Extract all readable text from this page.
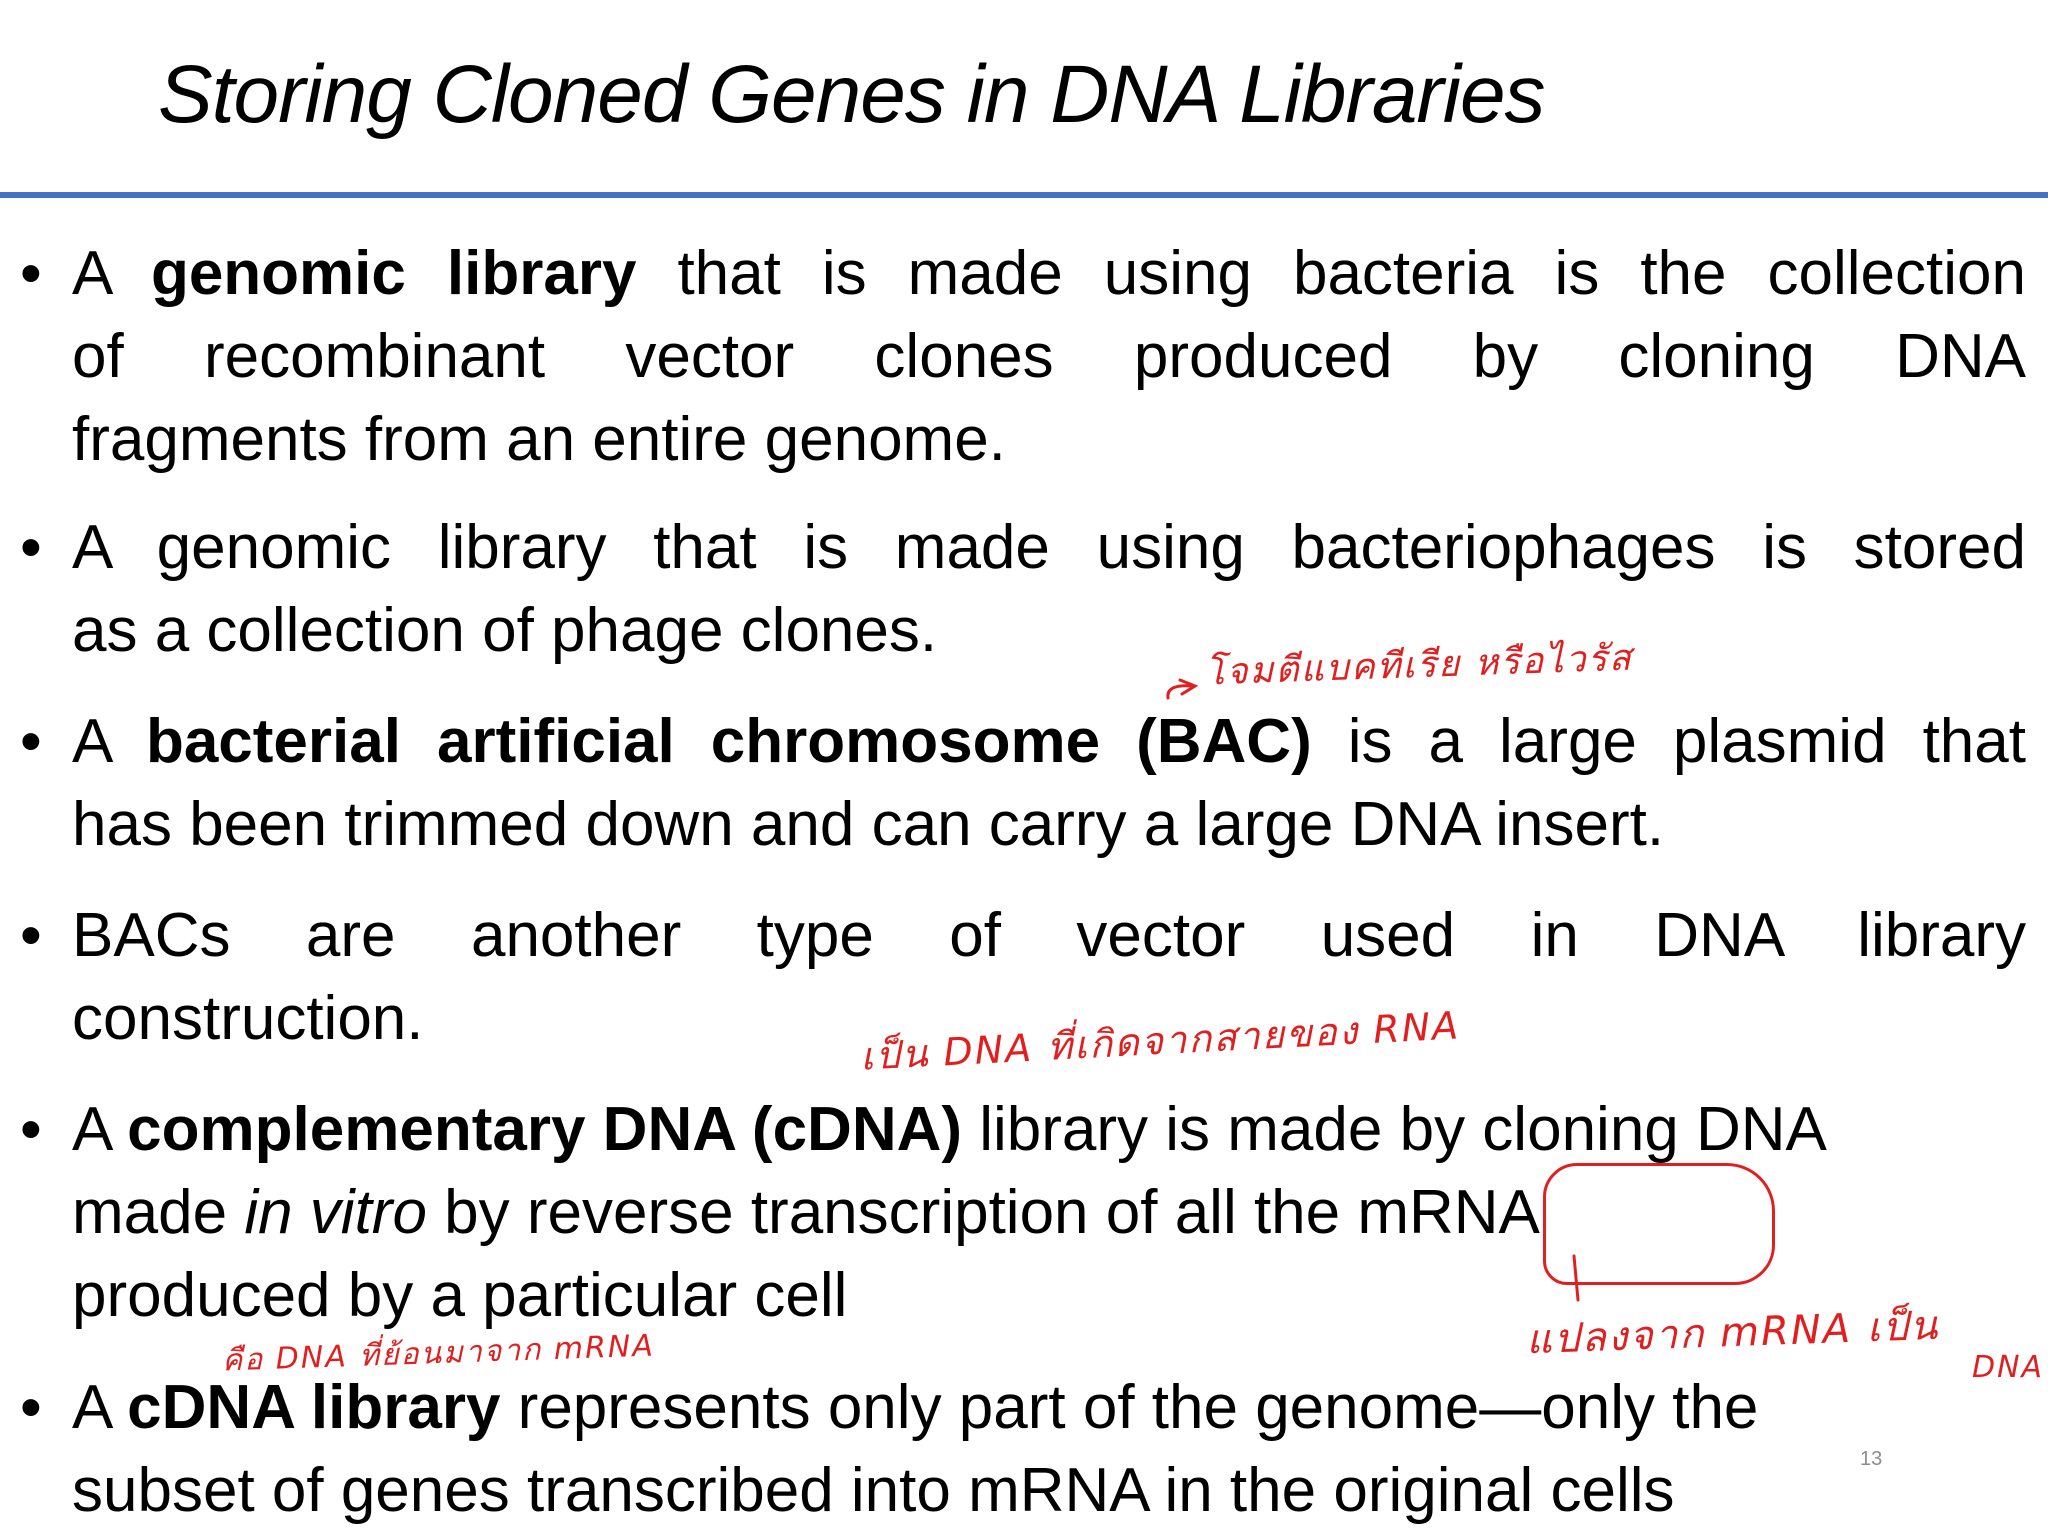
Storing Cloned Genes in DNA Libraries
• A genomic library that is made using bacteria is the collection
of recombinant vector clones produced by cloning DNA
fragments from an entire genome.
• A genomic library that is made using bacteriophages is stored
as a collection of phage clones.
• A bacterial artificial chromosome (BAC) is a large plasmid that
has been trimmed down and can carry a large DNA insert.
• BACs are another type of vector used in DNA library
construction.
• A complementary DNA (cDNA) library is made by cloning DNA
made in vitro by reverse transcription of all the mRNA
produced by a particular cell
• A cDNA library represents only part of the genome—only the
subset of genes transcribed into mRNA in the original cells
โจมตีแบคทีเรีย หรือไวรัส
เป็น DNA ที่เกิดจากสายของ RNA
แปลงจาก mRNA เป็น
DNA
คือ DNA ที่ย้อนมาจาก mRNA
13
